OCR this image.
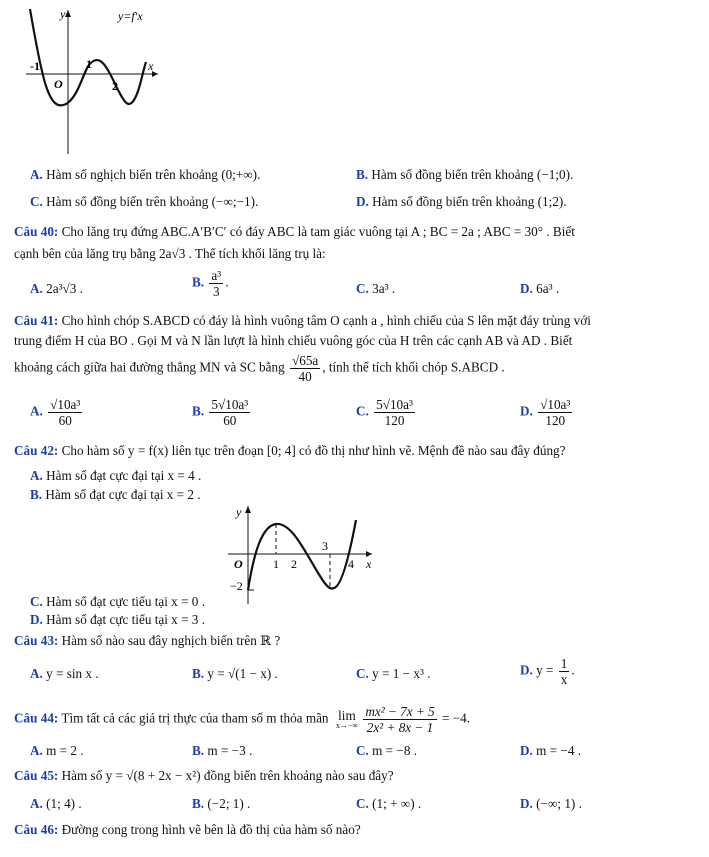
y	y=f'x
x
-1	1
O	2
A. Hàm số nghịch biến trên khoảng (0;+∞).	B. Hàm số đồng biến trên khoảng (−1;0).
C. Hàm số đồng biến trên khoảng (−∞;−1).	D. Hàm số đồng biến trên khoảng (1;2).
Câu 40: Cho lăng trụ đứng ABC.A′B′C′ có đáy ABC là tam giác vuông tại A ; BC = 2a ; ABC = 30° . Biết
cạnh bên của lăng trụ bằng 2a√3 . Thể tích khối lăng trụ là:
A. 2a³√3 .	B. $\frac{\text{a³}}{3}$ .	C. 3a³ .	D. 6a³ .
Câu 41: Cho hình chóp S.ABCD có đáy là hình vuông tâm O cạnh a , hình chiếu của S lên mặt đáy trùng với
trung điểm H của BO . Gọi M và N lần lượt là hình chiếu vuông góc của H trên các cạnh AB và AD . Biết
khoảng cách giữa hai đường thẳng MN và SC bằng $\frac{√65a}{40}$ , tính thể tích khối chóp S.ABCD .
A. $\frac{\text{√10a³}}{60}$	B. $\frac{\text{5√10a³}}{60}$	C. $\frac{\text{5√10a³}}{120}$	D. $\frac{\text{√10a³}}{120}$
Câu 42: Cho hàm số y = f(x) liên tục trên đoạn [0; 4] có đồ thị như hình vẽ. Mệnh đề nào sau đây đúng?
A. Hàm số đạt cực đại tại x = 4 .
B. Hàm số đạt cực đại tại x = 2 .
y
x
O	1 2
3
4
−2
C. Hàm số đạt cực tiểu tại x = 0 .
D. Hàm số đạt cực tiểu tại x = 3 .
Câu 43: Hàm số nào sau đây nghịch biến trên ℝ ?
A. y = sin x .	B. y = √(1 − x) .	C. y = 1 − x³ .	D. $y = \frac{1}{x}$ .
Câu 44: Tìm tất cả các giá trị thực của tham số m thỏa mãn lim
x→−∞
$\frac{\text{mx² − 7x + 5}}{\text{2x² + 8x − 1}} = -4$.
A. m = 2 .	B. m = −3 .	C. m = −8 .	D. m = −4 .
Câu 45: Hàm số y = √(8 + 2x − x²) đồng biến trên khoảng nào sau đây?
A. (1; 4) .	B. (−2; 1) .	C. (1; + ∞) .	D. (−∞; 1) .
Câu 46: Đường cong trong hình vẽ bên là đồ thị của hàm số nào?
